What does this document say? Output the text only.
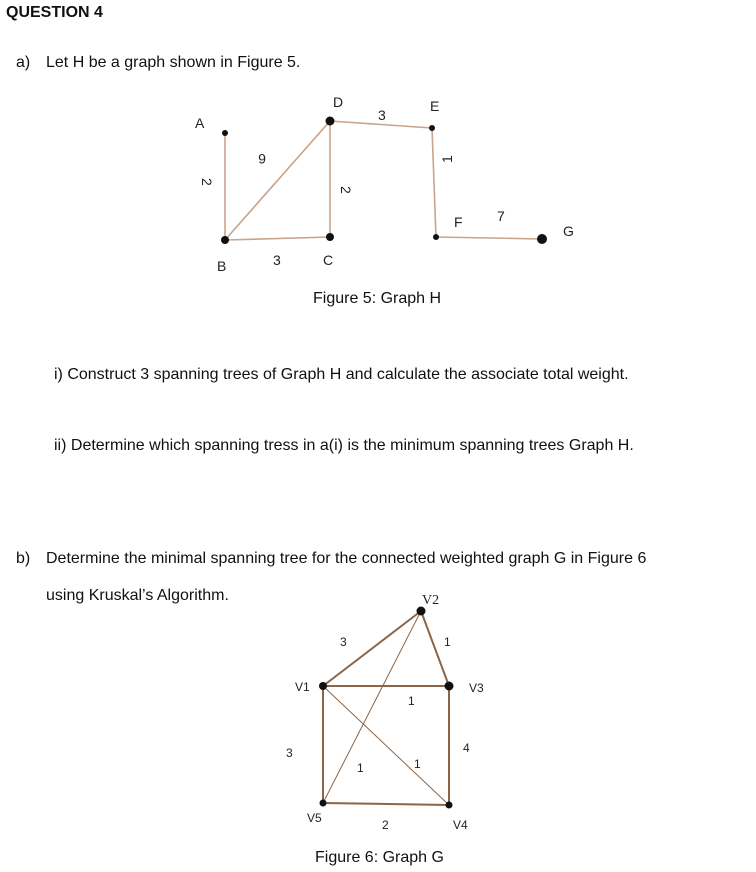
QUESTION 4
a) Let H be a graph shown in Figure 5.
A
B	C
D	E
F
G
2
6
3
2
3
1
7
Figure 5: Graph H
i) Construct 3 spanning trees of Graph H and calculate the associate total weight.
ii) Determine which spanning tress in a(i) is the minimum spanning trees Graph H.
b) Determine the minimal spanning tree for the connected weighted graph G in Figure 6
using Kruskal’s Algorithm.
V1
V2
V3
V4
V5
3	1
1
4
3
2
1	1
Figure 6: Graph G
